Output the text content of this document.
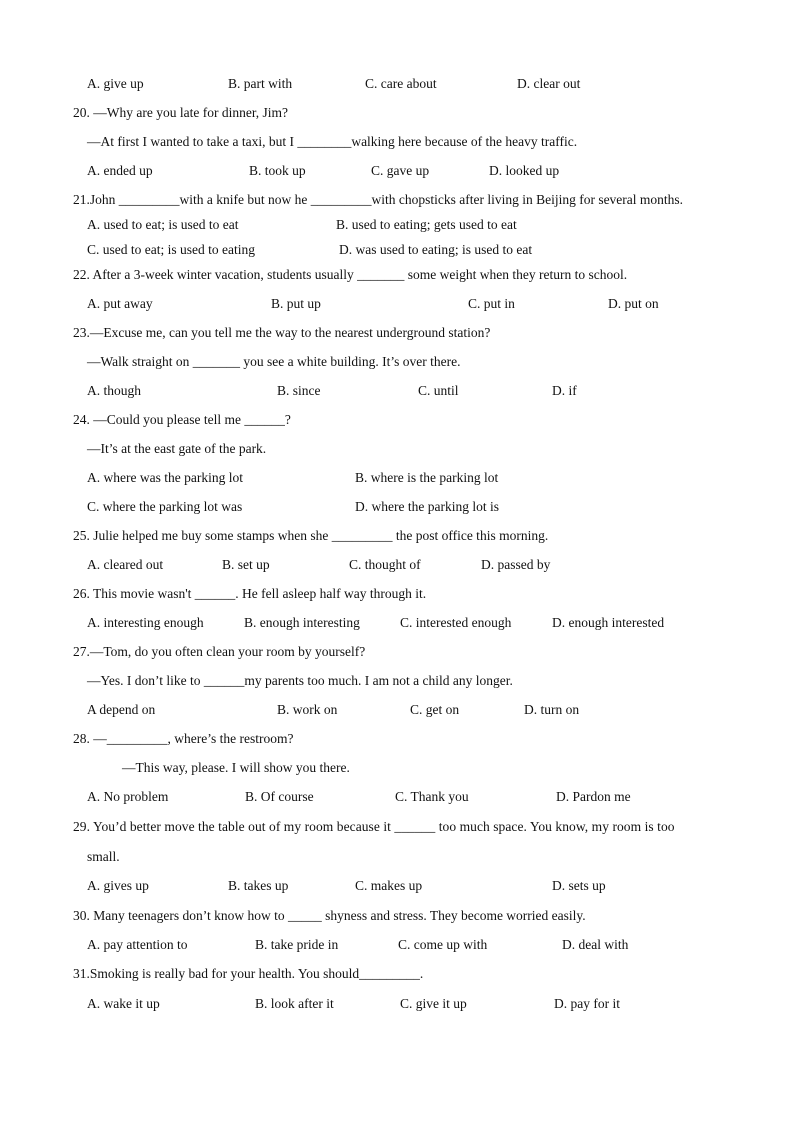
A. give up	B. part with	C. care about	D. clear out
20. —Why are you late for dinner, Jim?
—At first I wanted to take a taxi, but I ________walking here because of the heavy traffic.
A. ended up	B. took up	C. gave up	D. looked up
21.John _________with a knife but now he _________with chopsticks after living in Beijing for several months.
A. used to eat; is used to eat	B. used to eating; gets used to eat
C. used to eat; is used to eating	D. was used to eating; is used to eat
22. After a 3-week winter vacation, students usually _______ some weight when they return to school.
A. put away	B. put up	C. put in	D. put on
23.—Excuse me, can you tell me the way to the nearest underground station?
—Walk straight on _______ you see a white building. It’s over there.
A. though	B. since	C. until	D. if
24. —Could you please tell me ______?
—It’s at the east gate of the park.
A. where was the parking lot	B. where is the parking lot
C. where the parking lot was	D. where the parking lot is
25. Julie helped me buy some stamps when she _________ the post office this morning.
A. cleared out	B. set up	C. thought of	D. passed by
26. This movie wasn't ______. He fell asleep half way through it.
A. interesting enough	B. enough interesting	C. interested enough	D. enough interested
27.—Tom, do you often clean your room by yourself?
—Yes. I don’t like to ______my parents too much. I am not a child any longer.
A depend on	B. work on	C. get on	D. turn on
28. —_________, where’s the restroom?
—This way, please. I will show you there.
A. No problem	B. Of course	C. Thank you	D. Pardon me
29. You’d better move the table out of my room because it ______ too much space. You know, my room is too
small.
A. gives up	B. takes up	C. makes up	D. sets up
30. Many teenagers don’t know how to _____ shyness and stress. They become worried easily.
A. pay attention to	B. take pride in	C. come up with	D. deal with
31.Smoking is really bad for your health. You should_________.
A. wake it up	B. look after it	C. give it up	D. pay for it
